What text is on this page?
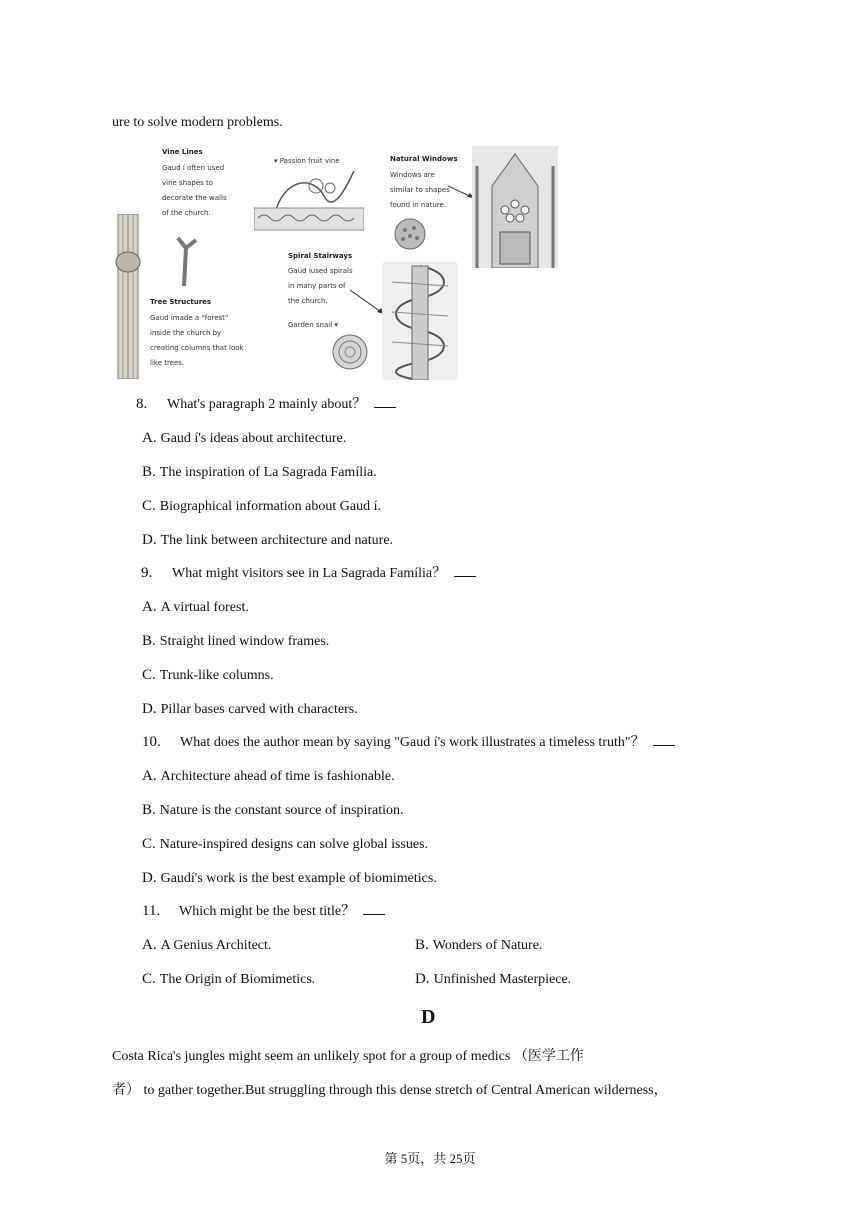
ure to solve modern problems.
Vine Lines
Gaud í often used
vine shapes to
decorate the walls
of the church.
▾ Passion fruit vine	Natural Windows
Windows are
similar to shapes
found in nature.
Spiral Stairways
Gaud íused spirals
in many parts of
the church.
Garden snail ▾
Tree Structures
Gaud ímade a “forest”
inside the church by
creating columns that look
like trees.
8. What's paragraph 2 mainly about？
A. Gaud í's ideas about architecture.
B. The inspiration of La Sagrada Família.
C. Biographical information about Gaud í.
D. The link between architecture and nature.
9. What might visitors see in La Sagrada Família？
A. A virtual forest.
B. Straight lined window frames.
C. Trunk-like columns.
D. Pillar bases carved with characters.
10. What does the author mean by saying "Gaud í's work illustrates a timeless truth"？
A. Architecture ahead of time is fashionable.
B. Nature is the constant source of inspiration.
C. Nature-inspired designs can solve global issues.
D. Gaudí's work is the best example of biomimetics.
11. Which might be the best title？
A. A Genius Architect.	B. Wonders of Nature.
C. The Origin of Biomimetics.	D. Unfinished Masterpiece.
D
Costa Rica's jungles might seem an unlikely spot for a group of medics （医学工作
者） to gather together.But struggling through this dense stretch of Central American wilderness，
第 5页，共 25页
